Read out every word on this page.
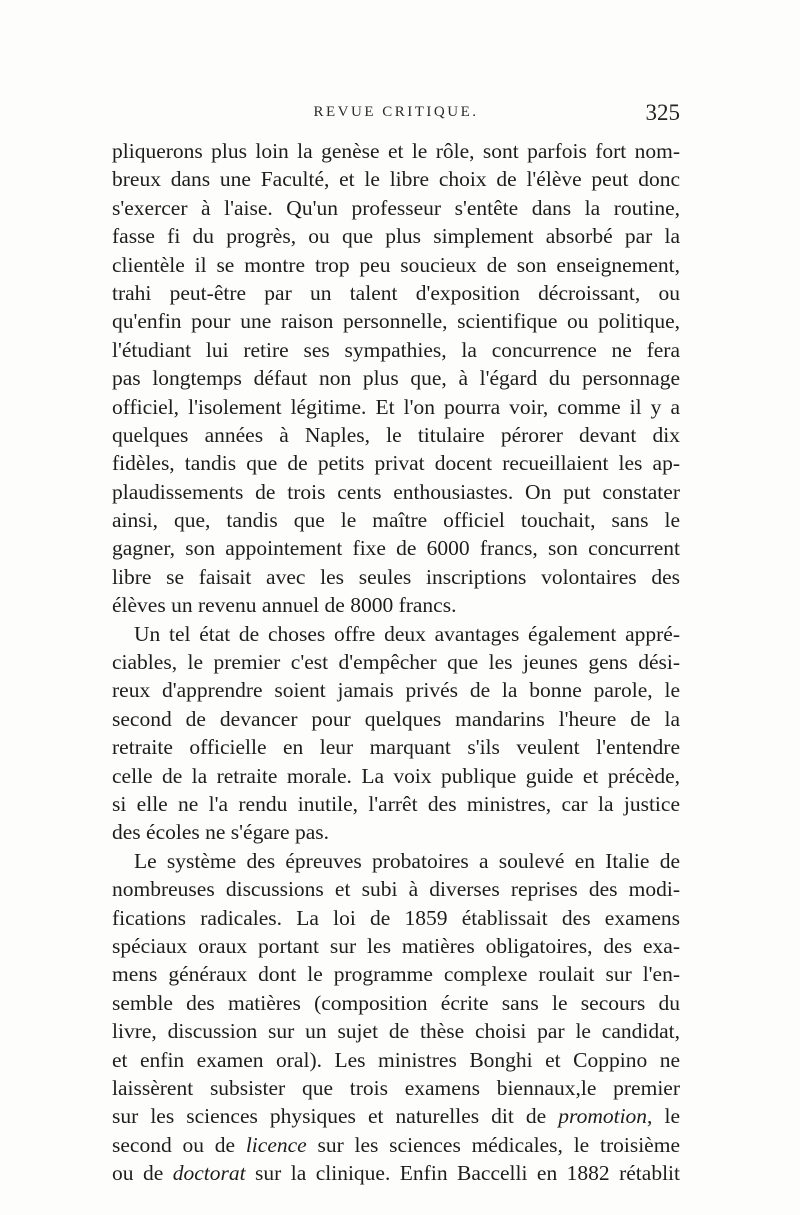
REVUE CRITIQUE.	325
pliquerons plus loin la genèse et le rôle, sont parfois fort nom-
breux dans une Faculté, et le libre choix de l'élève peut donc
s'exercer à l'aise. Qu'un professeur s'entête dans la routine,
fasse fi du progrès, ou que plus simplement absorbé par la
clientèle il se montre trop peu soucieux de son enseignement,
trahi peut-être par un talent d'exposition décroissant, ou
qu'enfin pour une raison personnelle, scientifique ou politique,
l'étudiant lui retire ses sympathies, la concurrence ne fera
pas longtemps défaut non plus que, à l'égard du personnage
officiel, l'isolement légitime. Et l'on pourra voir, comme il y a
quelques années à Naples, le titulaire pérorer devant dix
fidèles, tandis que de petits privat docent recueillaient les ap-
plaudissements de trois cents enthousiastes. On put constater
ainsi, que, tandis que le maître officiel touchait, sans le
gagner, son appointement fixe de 6000 francs, son concurrent
libre se faisait avec les seules inscriptions volontaires des
élèves un revenu annuel de 8000 francs.
Un tel état de choses offre deux avantages également appré-
ciables, le premier c'est d'empêcher que les jeunes gens dési-
reux d'apprendre soient jamais privés de la bonne parole, le
second de devancer pour quelques mandarins l'heure de la
retraite officielle en leur marquant s'ils veulent l'entendre
celle de la retraite morale. La voix publique guide et précède,
si elle ne l'a rendu inutile, l'arrêt des ministres, car la justice
des écoles ne s'égare pas.
Le système des épreuves probatoires a soulevé en Italie de
nombreuses discussions et subi à diverses reprises des modi-
fications radicales. La loi de 1859 établissait des examens
spéciaux oraux portant sur les matières obligatoires, des exa-
mens généraux dont le programme complexe roulait sur l'en-
semble des matières (composition écrite sans le secours du
livre, discussion sur un sujet de thèse choisi par le candidat,
et enfin examen oral). Les ministres Bonghi et Coppino ne
laissèrent subsister que trois examens biennaux,le premier
sur les sciences physiques et naturelles dit de promotion, le
second ou de licence sur les sciences médicales, le troisième
ou de doctorat sur la clinique. Enfin Baccelli en 1882 rétablit
